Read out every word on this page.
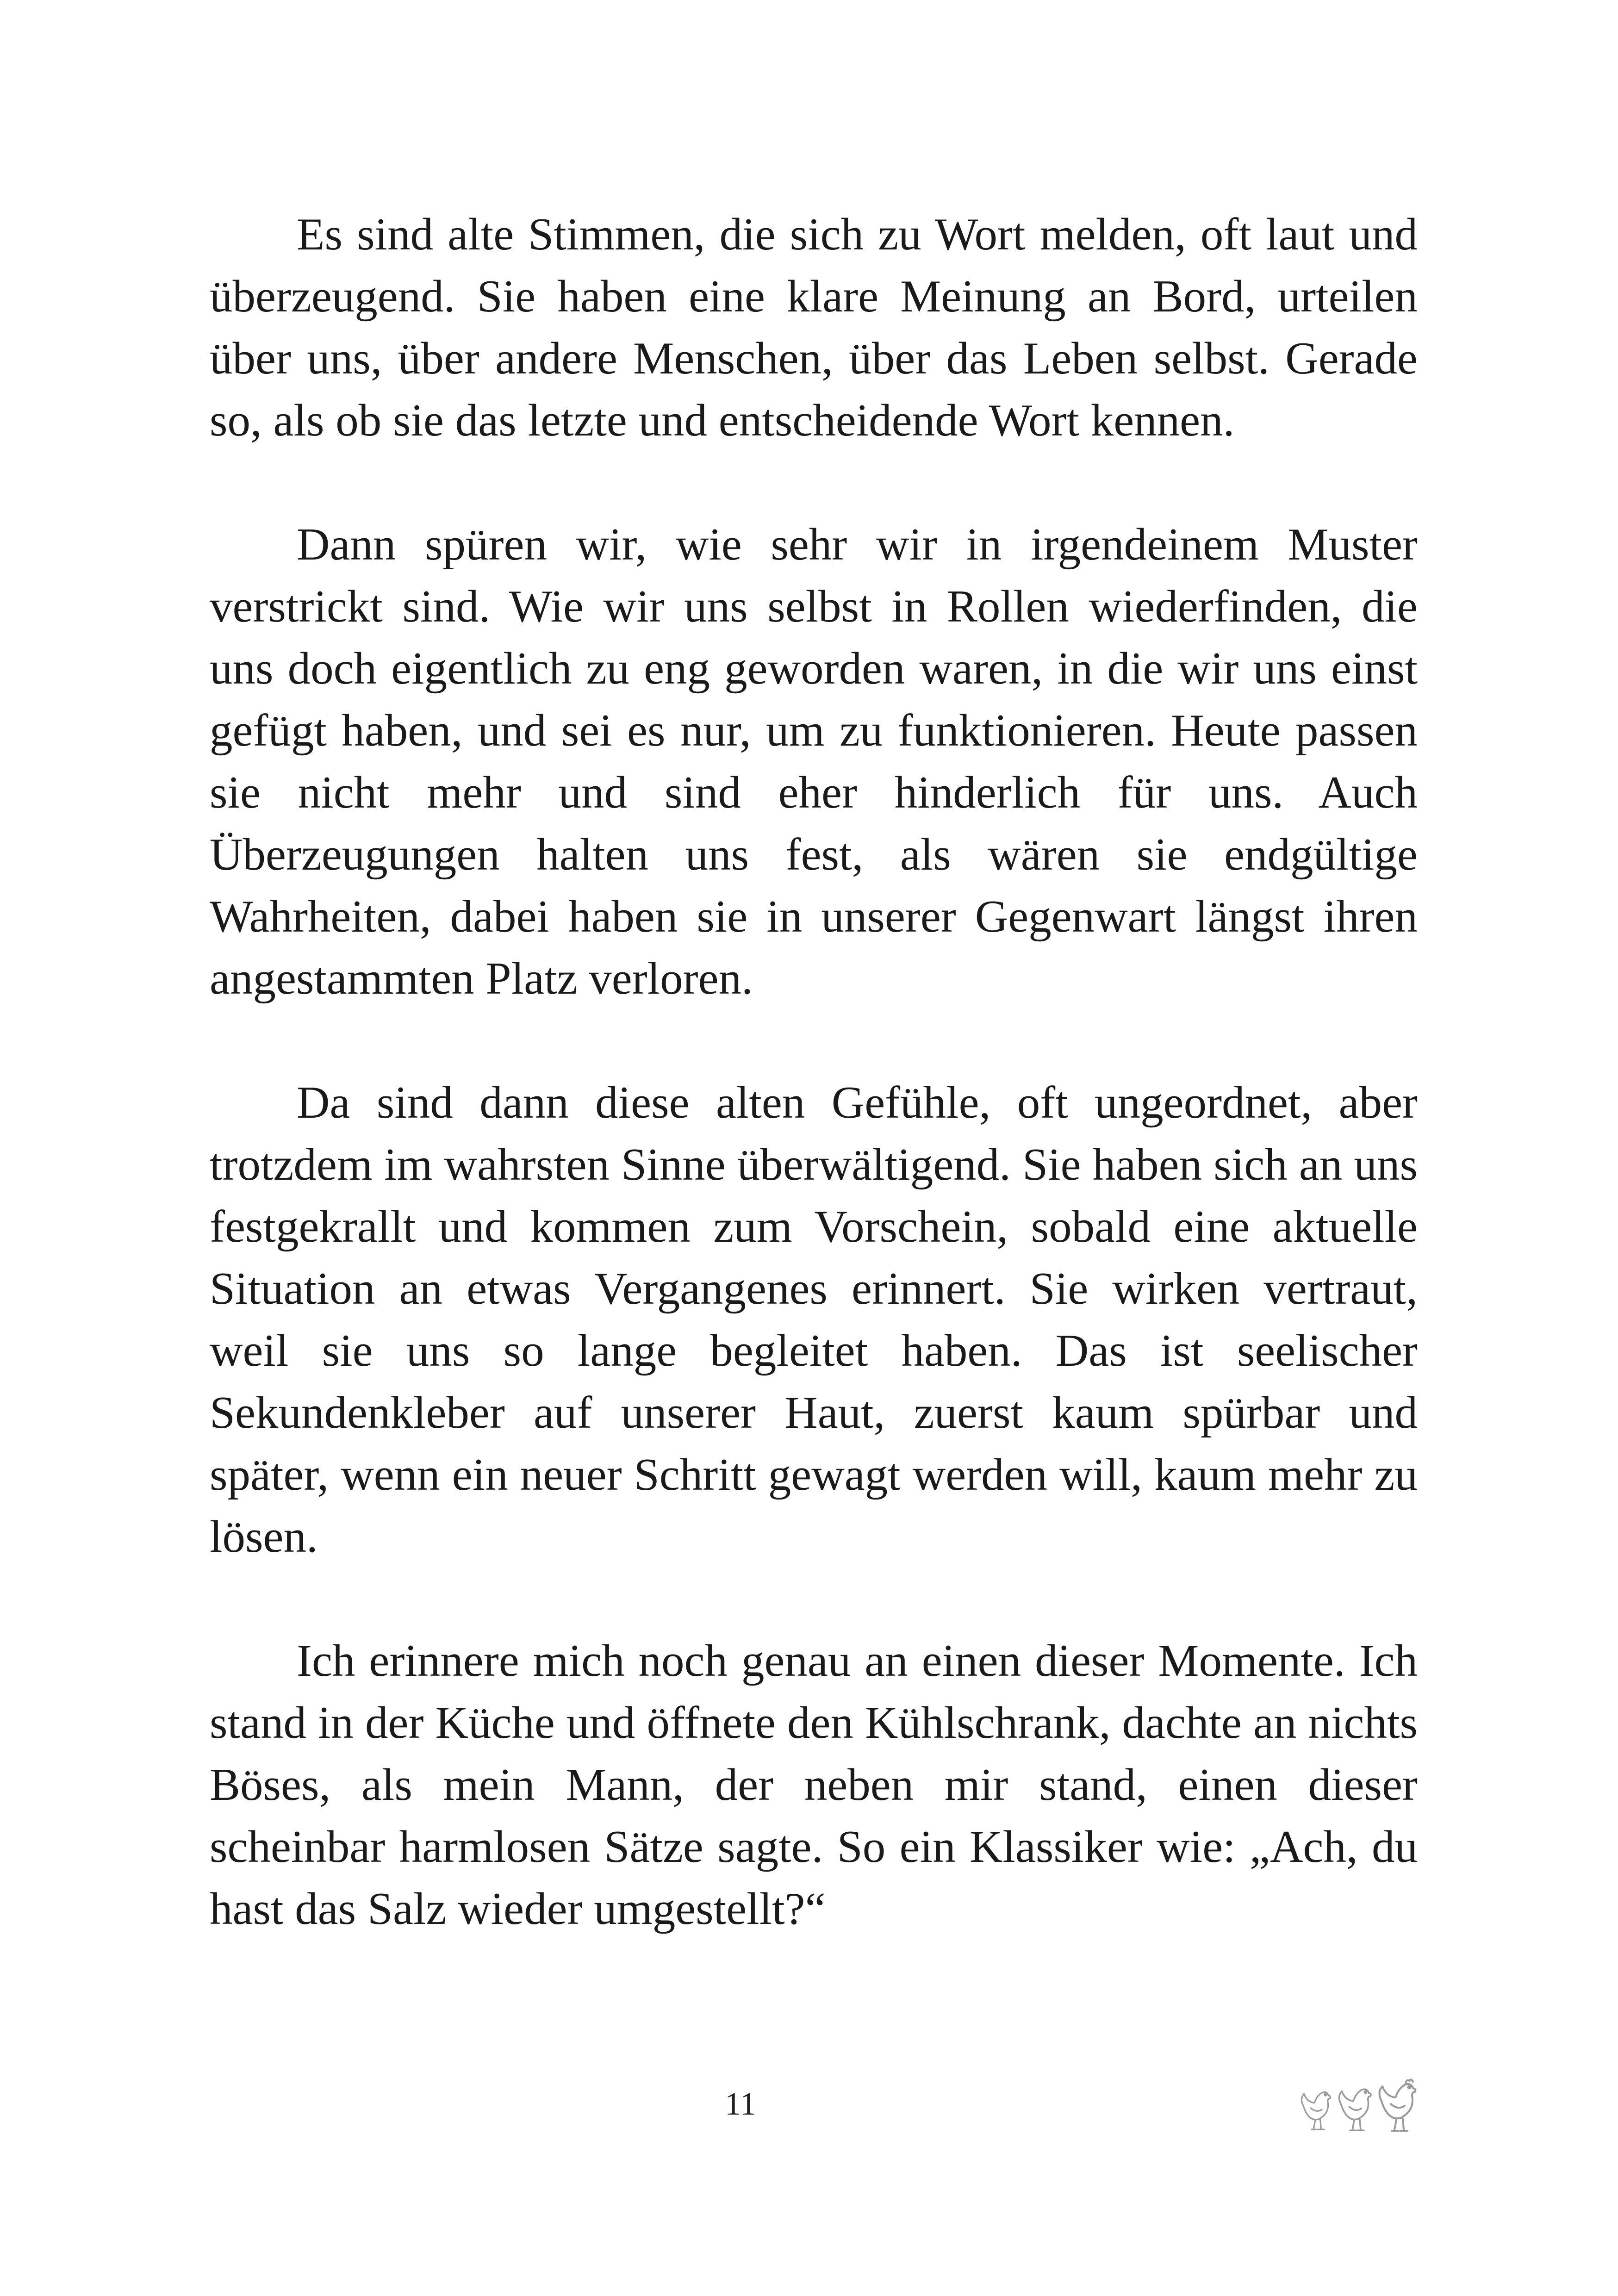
Es sind alte Stimmen, die sich zu Wort melden, oft laut und überzeugend. Sie haben eine klare Meinung an Bord, urteilen über uns, über andere Menschen, über das Leben selbst. Gerade so, als ob sie das letzte und entscheidende Wort kennen.

Dann spüren wir, wie sehr wir in irgendeinem Muster verstrickt sind. Wie wir uns selbst in Rollen wiederfinden, die uns doch eigentlich zu eng geworden waren, in die wir uns einst gefügt haben, und sei es nur, um zu funktionieren. Heute passen sie nicht mehr und sind eher hinderlich für uns. Auch Überzeugungen halten uns fest, als wären sie endgültige Wahrheiten, dabei haben sie in unserer Gegenwart längst ihren angestammten Platz verloren.

Da sind dann diese alten Gefühle, oft ungeordnet, aber trotzdem im wahrsten Sinne überwältigend. Sie haben sich an uns festgekrallt und kommen zum Vorschein, sobald eine aktuelle Situation an etwas Vergangenes erinnert. Sie wirken vertraut, weil sie uns so lange begleitet haben. Das ist seelischer Sekundenkleber auf unserer Haut, zuerst kaum spürbar und später, wenn ein neuer Schritt gewagt werden will, kaum mehr zu lösen.

Ich erinnere mich noch genau an einen dieser Momente. Ich stand in der Küche und öffnete den Kühlschrank, dachte an nichts Böses, als mein Mann, der neben mir stand, einen dieser scheinbar harmlosen Sätze sagte. So ein Klassiker wie: „Ach, du hast das Salz wieder umgestellt?“

11
